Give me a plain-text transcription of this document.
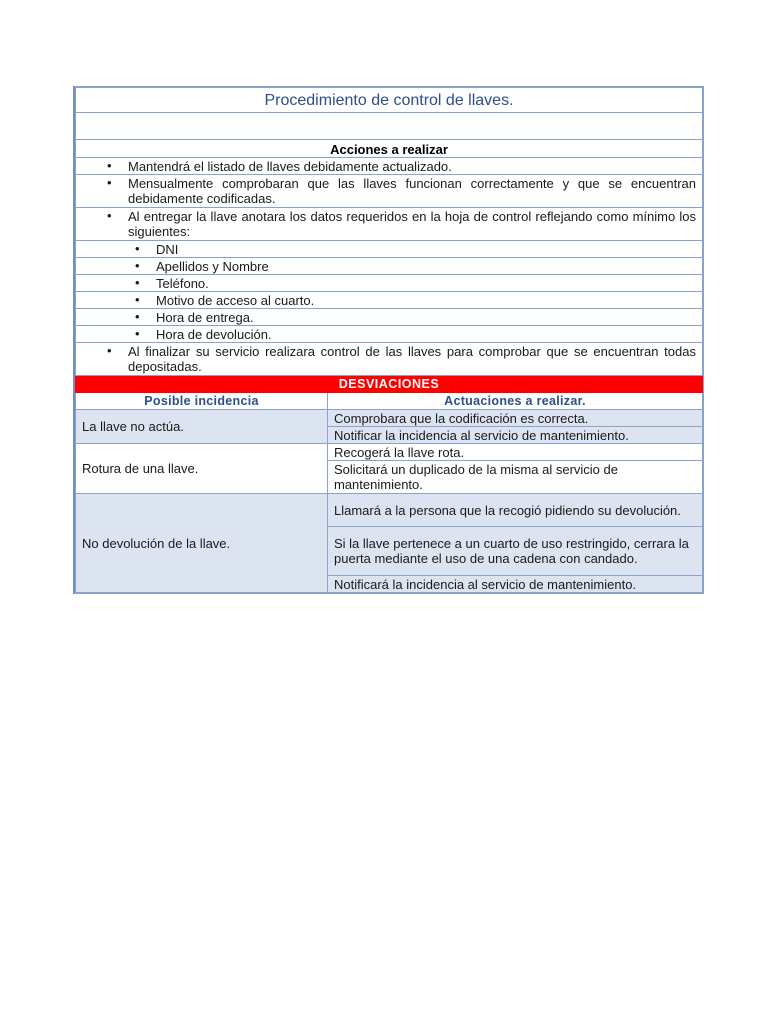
Procedimiento de control de llaves.	

Acciones a realizar	
• Mantendrá el listado de llaves debidamente actualizado.
• Mensualmente comprobaran que las llaves funcionan correctamente y que se encuentran debidamente codificadas.
• Al entregar la llave anotara los datos requeridos en la hoja de control reflejando como mínimo los siguientes:
• DNI
• Apellidos y Nombre
• Teléfono.
• Motivo de acceso al cuarto.
• Hora de entrega.
• Hora de devolución.
• Al finalizar su servicio realizara control de las llaves para comprobar que se encuentran todas depositadas.
DESVIACIONES	
Posible incidencia	Actuaciones a realizar.
La llave no actúa.	Comprobara que la codificación es correcta.
	Notificar la incidencia al servicio de mantenimiento.
Rotura de una llave.	Recogerá la llave rota.
	Solicitará un duplicado de la misma al servicio de mantenimiento.
No devolución de la llave.	Llamará a la persona que la recogió pidiendo su devolución.
	Si la llave pertenece a un cuarto de uso restringido, cerrara la puerta mediante el uso de una cadena con candado.
	Notificará la incidencia al servicio de mantenimiento.
